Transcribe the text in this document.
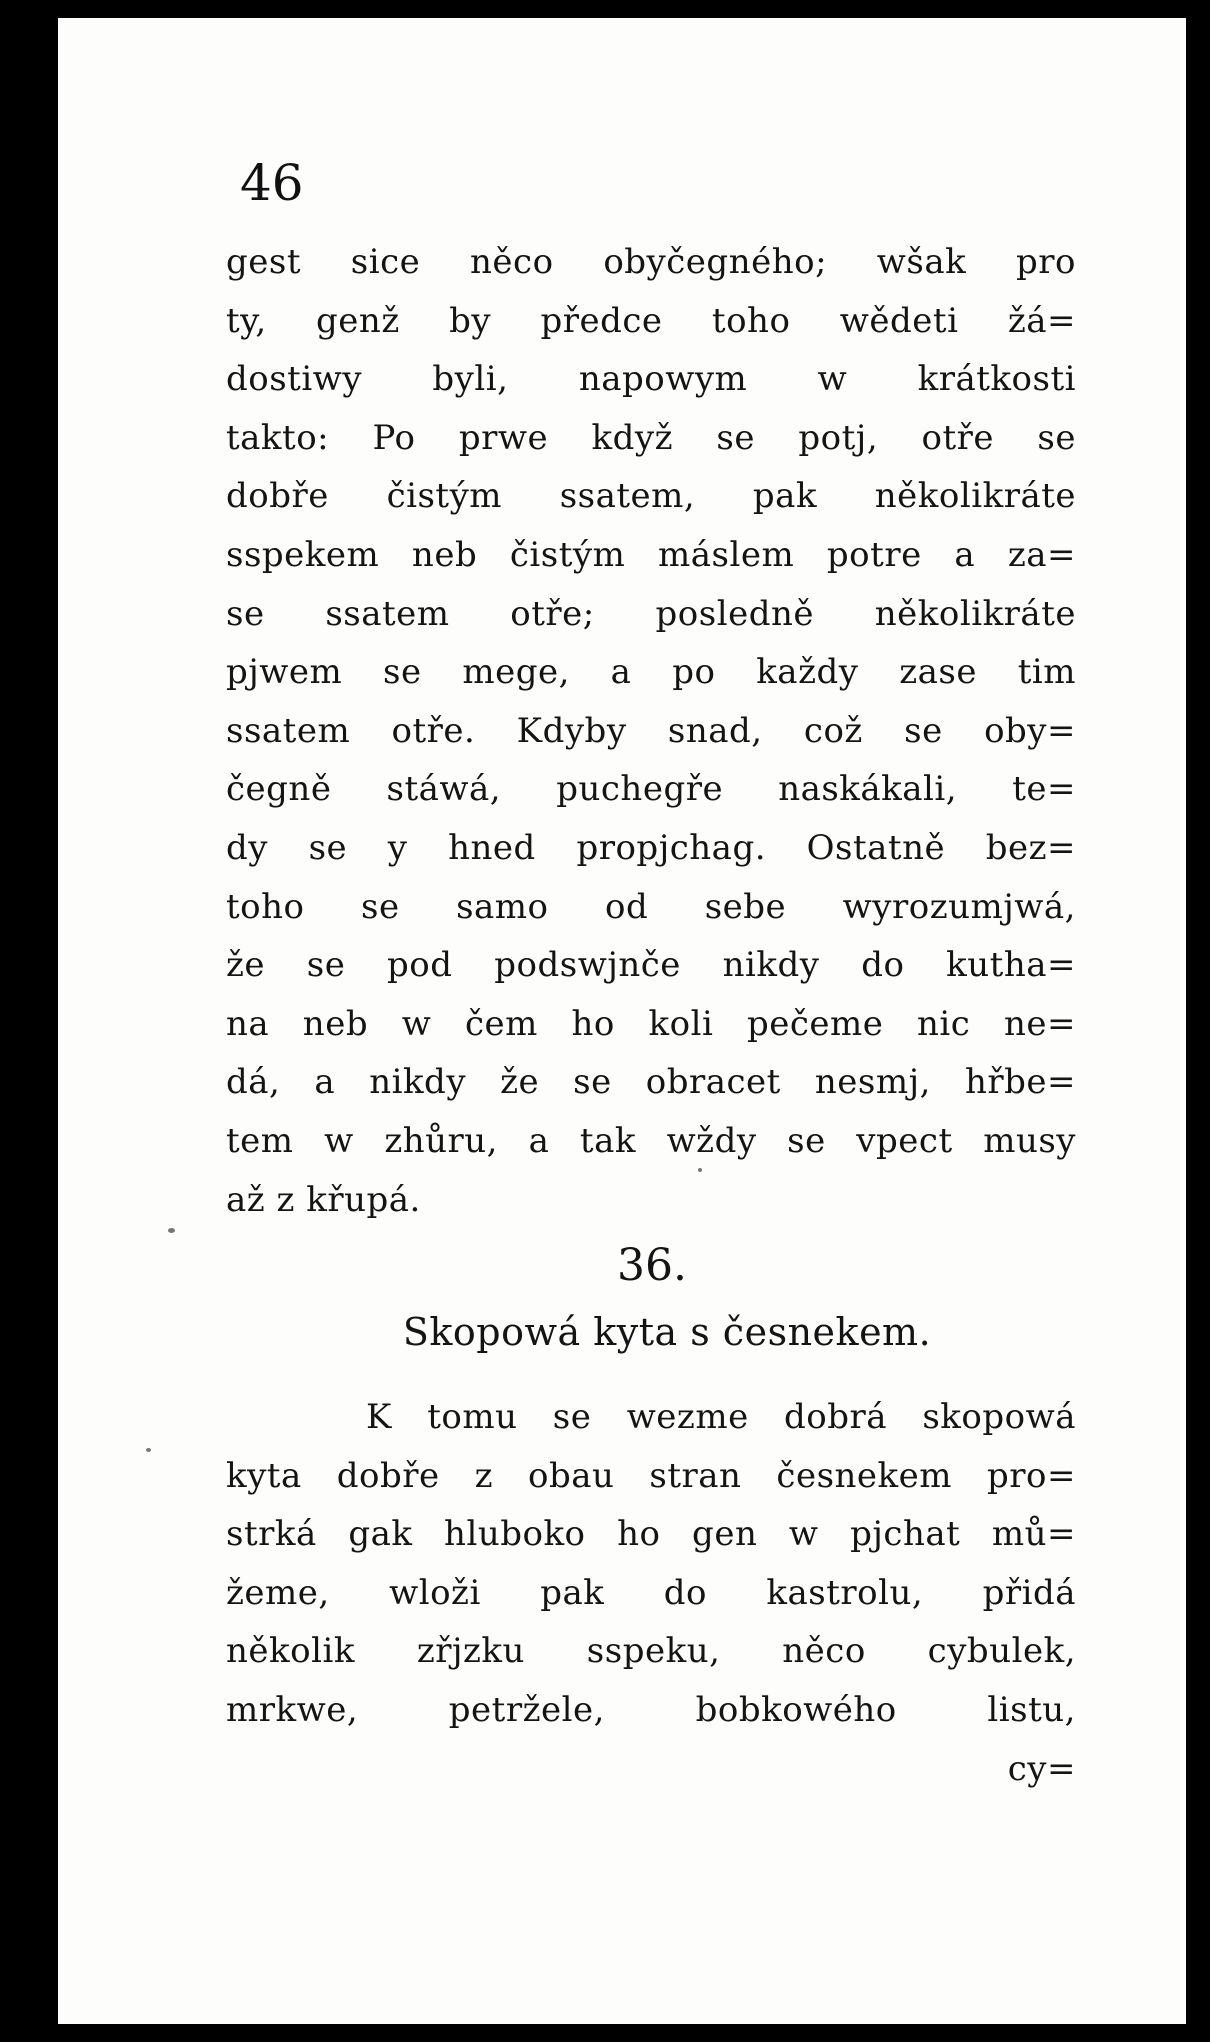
46

gest sice něco obyčegného; wšak pro
ty, genž by předce toho wědeti žá=
dostiwy byli, napowym w krátkosti
takto: Po prwe když se potj, otře se
dobře čistým ssatem, pak několikráte
sspekem neb čistým máslem potre a za=
se ssatem otře; posledně několikráte
pjwem se mege, a po každy zase tim
ssatem otře. Kdyby snad, což se oby=
čegně stáwá, puchegře naskákali, te=
dy se y hned propjchag. Ostatně bez=
toho se samo od sebe wyrozumjwá,
že se pod podswjnče nikdy do kutha=
na neb w čem ho koli pečeme nic ne=
dá, a nikdy že se obracet nesmj, hřbe=
tem w zhůru, a tak wždy se vpect musy
až z křupá.

36.

Skopowá kyta s česnekem.

K tomu se wezme dobrá skopowá
kyta dobře z obau stran česnekem pro=
strká gak hluboko ho gen w pjchat mů=
žeme, wloži pak do kastrolu, přidá
několik zřjzku sspeku, něco cybulek,
mrkwe, petržele, bobkowého listu,
cy=
